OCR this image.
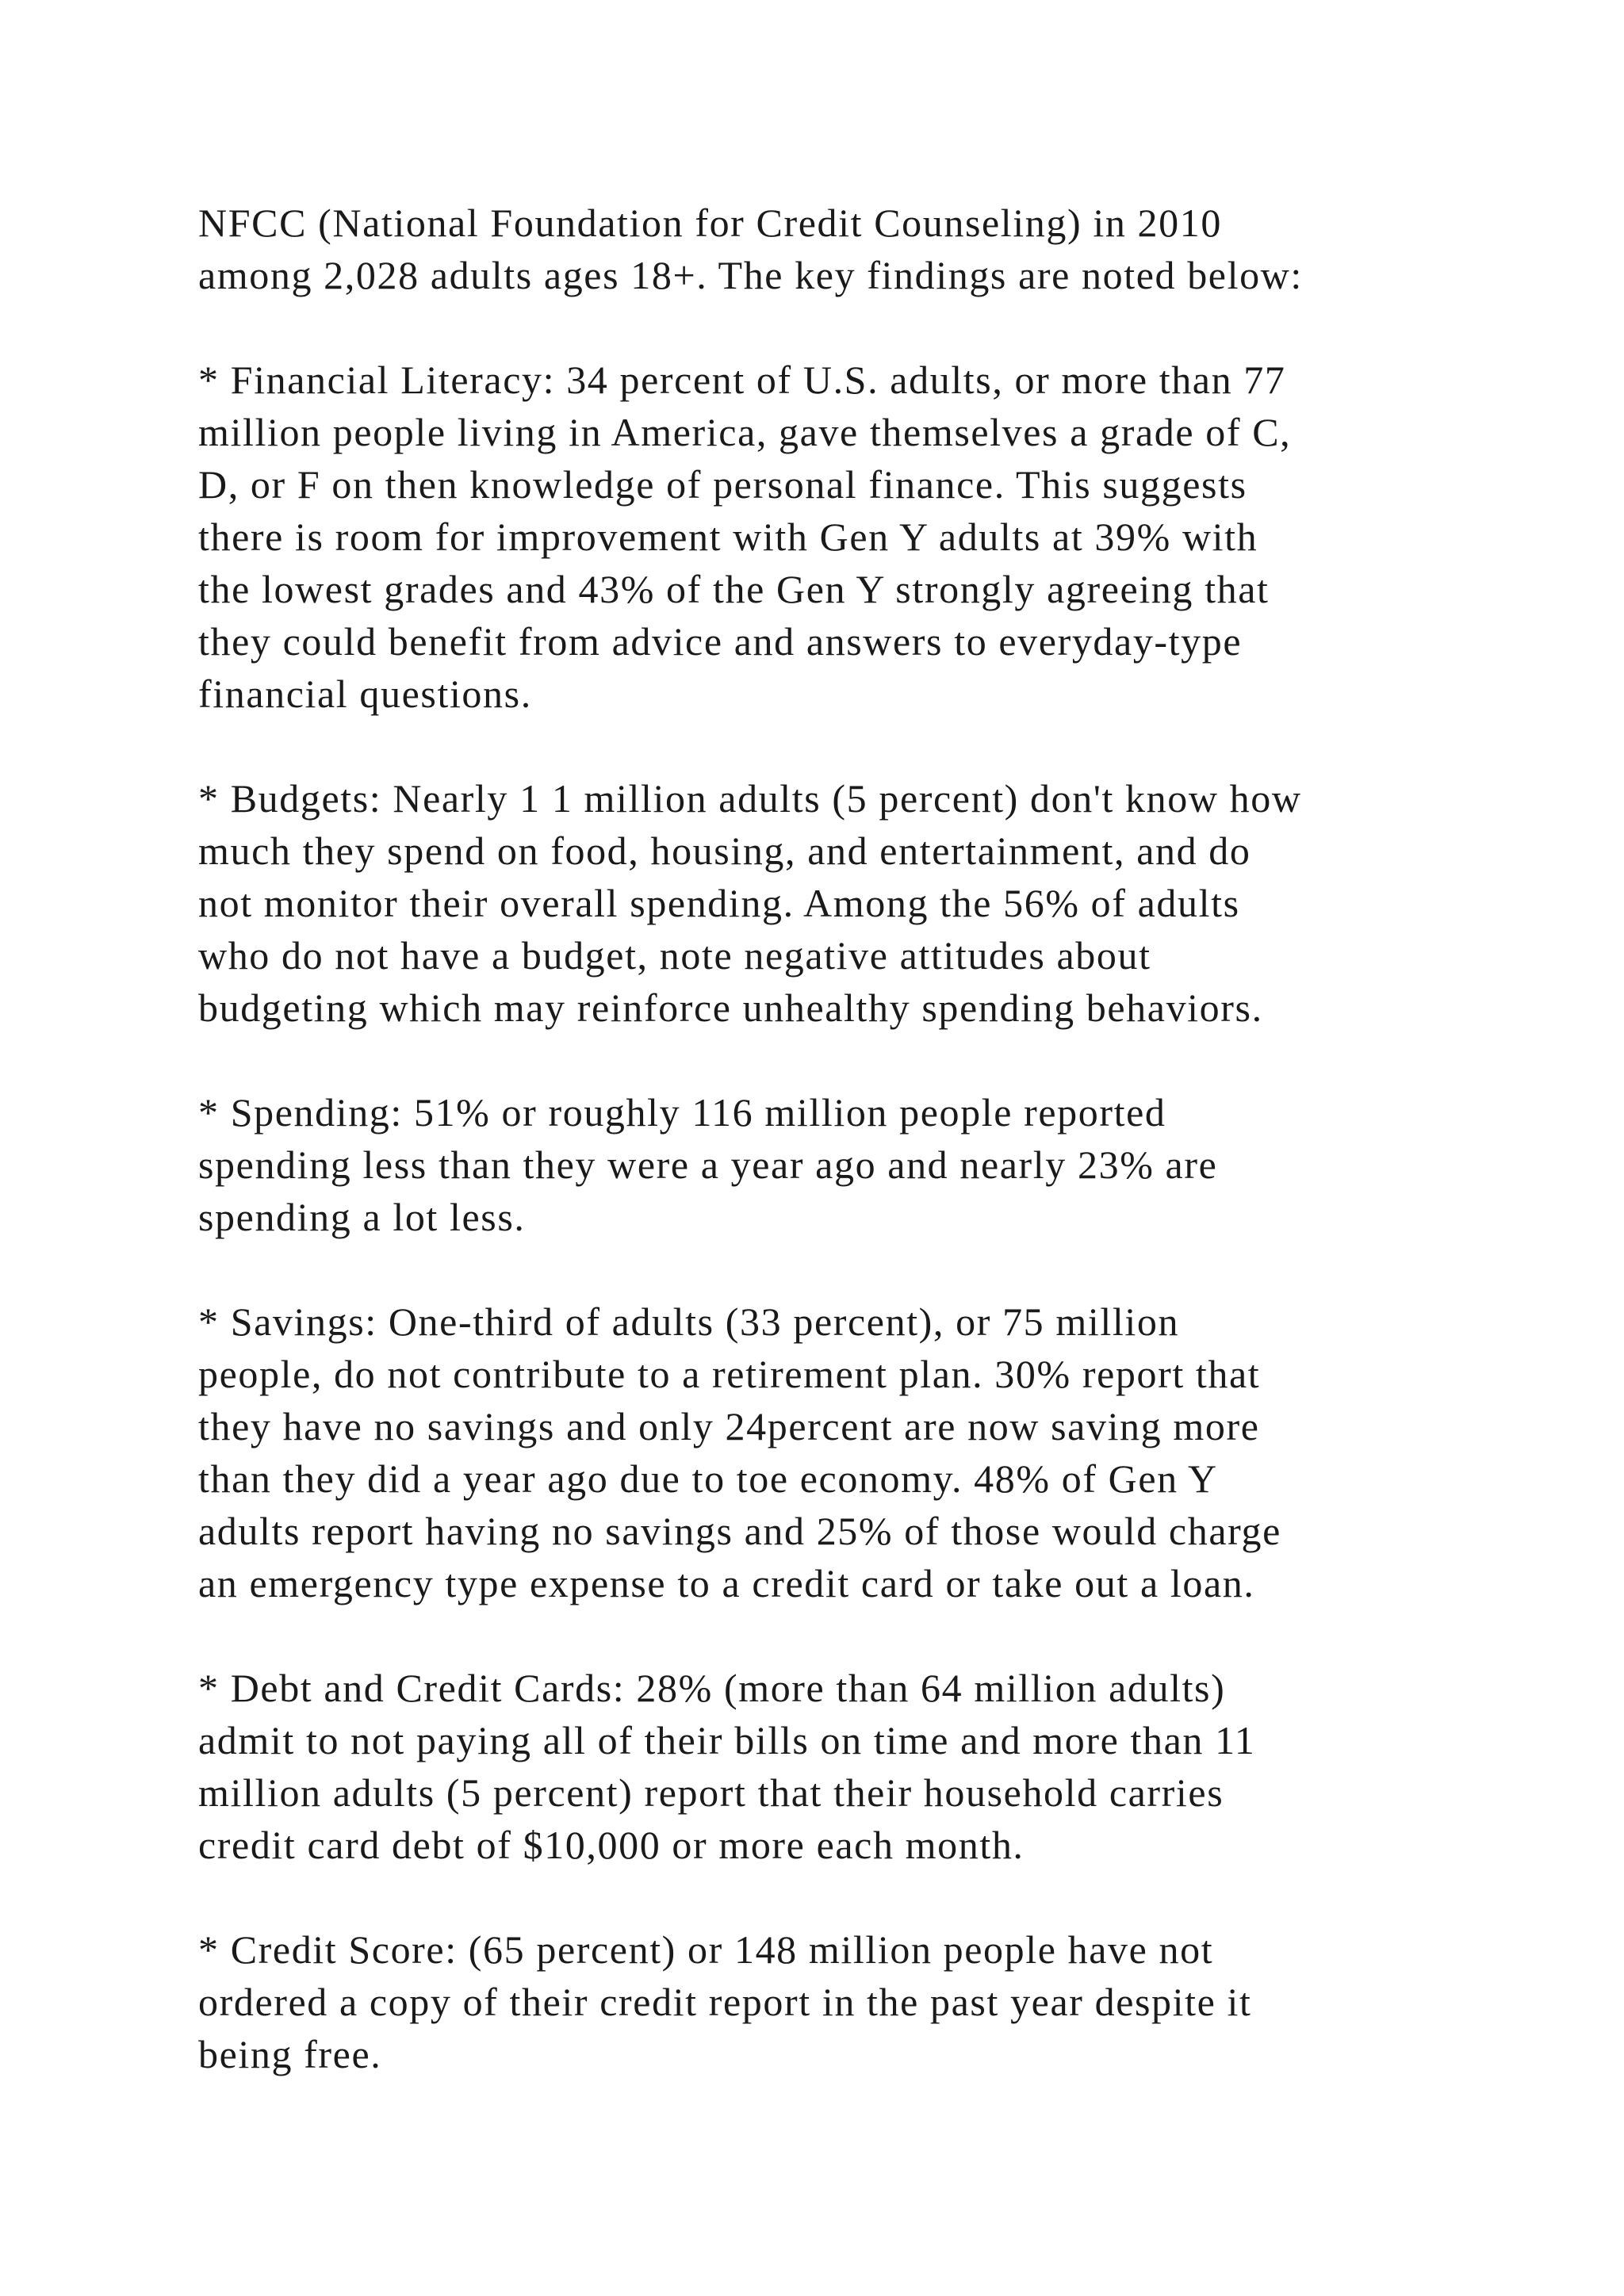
NFCC (National Foundation for Credit Counseling) in 2010
among 2,028 adults ages 18+. The key findings are noted below:

* Financial Literacy: 34 percent of U.S. adults, or more than 77
million people living in America, gave themselves a grade of C,
D, or F on then knowledge of personal finance. This suggests
there is room for improvement with Gen Y adults at 39% with
the lowest grades and 43% of the Gen Y strongly agreeing that
they could benefit from advice and answers to everyday-type
financial questions.

* Budgets: Nearly 1 1 million adults (5 percent) don't know how
much they spend on food, housing, and entertainment, and do
not monitor their overall spending. Among the 56% of adults
who do not have a budget, note negative attitudes about
budgeting which may reinforce unhealthy spending behaviors.

* Spending: 51% or roughly 116 million people reported
spending less than they were a year ago and nearly 23% are
spending a lot less.

* Savings: One-third of adults (33 percent), or 75 million
people, do not contribute to a retirement plan. 30% report that
they have no savings and only 24percent are now saving more
than they did a year ago due to toe economy. 48% of Gen Y
adults report having no savings and 25% of those would charge
an emergency type expense to a credit card or take out a loan.

* Debt and Credit Cards: 28% (more than 64 million adults)
admit to not paying all of their bills on time and more than 11
million adults (5 percent) report that their household carries
credit card debt of $10,000 or more each month.

* Credit Score: (65 percent) or 148 million people have not
ordered a copy of their credit report in the past year despite it
being free.
